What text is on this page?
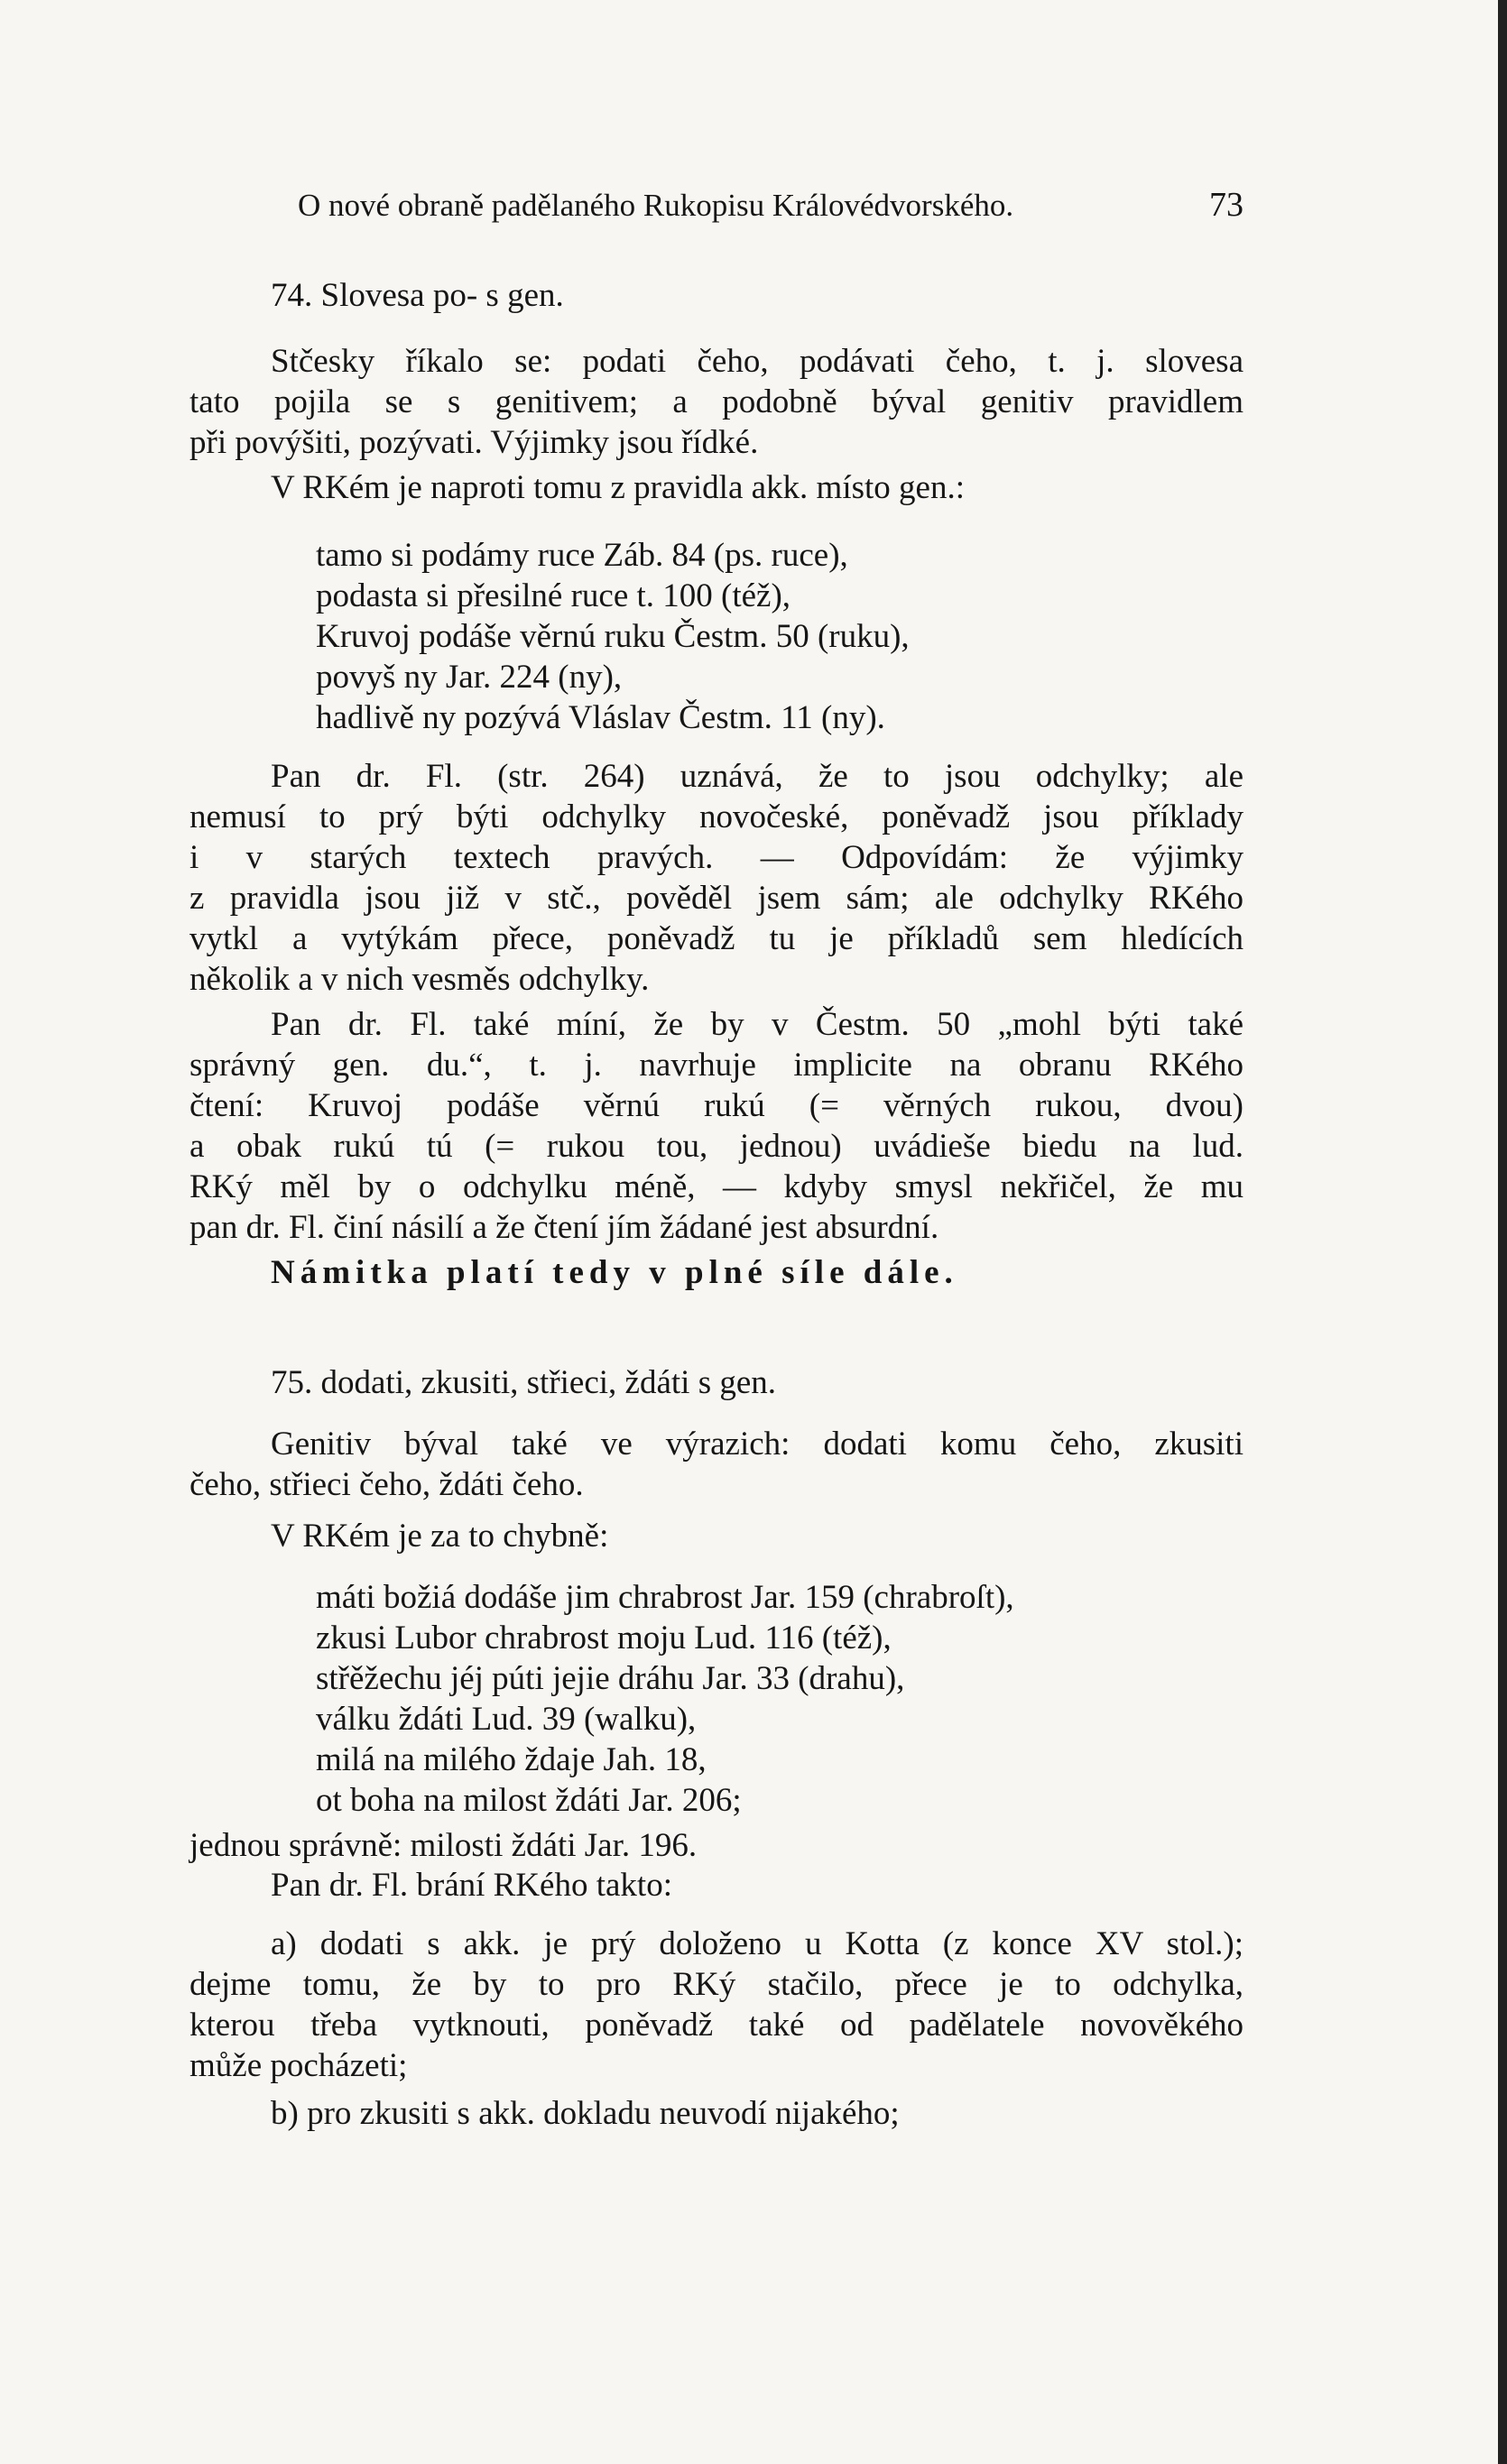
O nové obraně padělaného Rukopisu Královédvorského.	73
74. Slovesa po- s gen.
Stčesky říkalo se: podati čeho, podávati čeho, t. j. slovesa
tato pojila se s genitivem; a podobně býval genitiv pravidlem
při povýšiti, pozývati. Výjimky jsou řídké.
V RKém je naproti tomu z pravidla akk. místo gen.:
tamo si podámy ruce Záb. 84 (ps. ruce),
podasta si přesilné ruce t. 100 (též),
Kruvoj podáše věrnú ruku Čestm. 50 (ruku),
povyš ny Jar. 224 (ny),
hadlivě ny pozývá Vláslav Čestm. 11 (ny).
Pan dr. Fl. (str. 264) uznává, že to jsou odchylky; ale
nemusí to prý býti odchylky novočeské, poněvadž jsou příklady
i v starých textech pravých. — Odpovídám: že výjimky
z pravidla jsou již v stč., pověděl jsem sám; ale odchylky RKého
vytkl a vytýkám přece, poněvadž tu je příkladů sem hledících
několik a v nich vesměs odchylky.
Pan dr. Fl. také míní, že by v Čestm. 50 „mohl býti také
správný gen. du.“, t. j. navrhuje implicite na obranu RKého
čtení: Kruvoj podáše věrnú rukú (= věrných rukou, dvou)
a obak rukú tú (= rukou tou, jednou) uvádieše biedu na lud.
RKý měl by o odchylku méně, — kdyby smysl nekřičel, že mu
pan dr. Fl. činí násilí a že čtení jím žádané jest absurdní.
Námitka platí tedy v plné síle dále.
75. dodati, zkusiti, střieci, ždáti s gen.
Genitiv býval také ve výrazich: dodati komu čeho, zkusiti
čeho, střieci čeho, ždáti čeho.
V RKém je za to chybně:
máti božiá dodáše jim chrabrost Jar. 159 (chrabroſt),
zkusi Lubor chrabrost moju Lud. 116 (též),
střěžechu jéj púti jejie dráhu Jar. 33 (drahu),
válku ždáti Lud. 39 (walku),
milá na milého ždaje Jah. 18,
ot boha na milost ždáti Jar. 206;
jednou správně: milosti ždáti Jar. 196.
Pan dr. Fl. brání RKého takto:
a) dodati s akk. je prý doloženo u Kotta (z konce XV stol.);
dejme tomu, že by to pro RKý stačilo, přece je to odchylka,
kterou třeba vytknouti, poněvadž také od padělatele novověkého
může pocházeti;
b) pro zkusiti s akk. dokladu neuvodí nijakého;
